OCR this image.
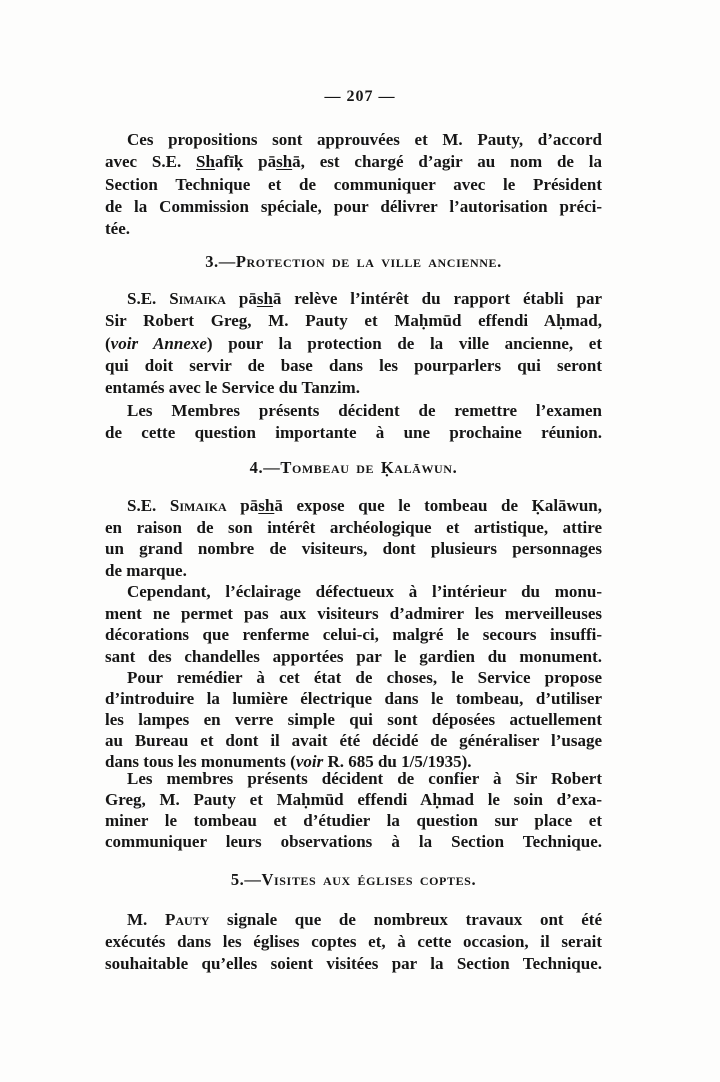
— 207 —
Ces propositions sont approuvées et M. Pauty, d’accord
avec S.E. Shafīḳ pāshā, est chargé d’agir au nom de la
Section Technique et de communiquer avec le Président
de la Commission spéciale, pour délivrer l’autorisation préci-
tée.
3.—Protection de la ville ancienne.
S.E. Simaika pāshā relève l’intérêt du rapport établi par
Sir Robert Greg, M. Pauty et Maḥmūd effendi Aḥmad,
(voir Annexe) pour la protection de la ville ancienne, et
qui doit servir de base dans les pourparlers qui seront
entamés avec le Service du Tanzim.
Les Membres présents décident de remettre l’examen
de cette question importante à une prochaine réunion.
4.—Tombeau de Ḳalāwun.
S.E. Simaika pāshā expose que le tombeau de Ḳalāwun,
en raison de son intérêt archéologique et artistique, attire
un grand nombre de visiteurs, dont plusieurs personnages
de marque.
Cependant, l’éclairage défectueux à l’intérieur du monu-
ment ne permet pas aux visiteurs d’admirer les merveilleuses
décorations que renferme celui-ci, malgré le secours insuffi-
sant des chandelles apportées par le gardien du monument.
Pour remédier à cet état de choses, le Service propose
d’introduire la lumière électrique dans le tombeau, d’utiliser
les lampes en verre simple qui sont déposées actuellement
au Bureau et dont il avait été décidé de généraliser l’usage
dans tous les monuments (voir R. 685 du 1/5/1935).
Les membres présents décident de confier à Sir Robert
Greg, M. Pauty et Maḥmūd effendi Aḥmad le soin d’exa-
miner le tombeau et d’étudier la question sur place et
communiquer leurs observations à la Section Technique.
5.—Visites aux églises coptes.
M. Pauty signale que de nombreux travaux ont été
exécutés dans les églises coptes et, à cette occasion, il serait
souhaitable qu’elles soient visitées par la Section Technique.
